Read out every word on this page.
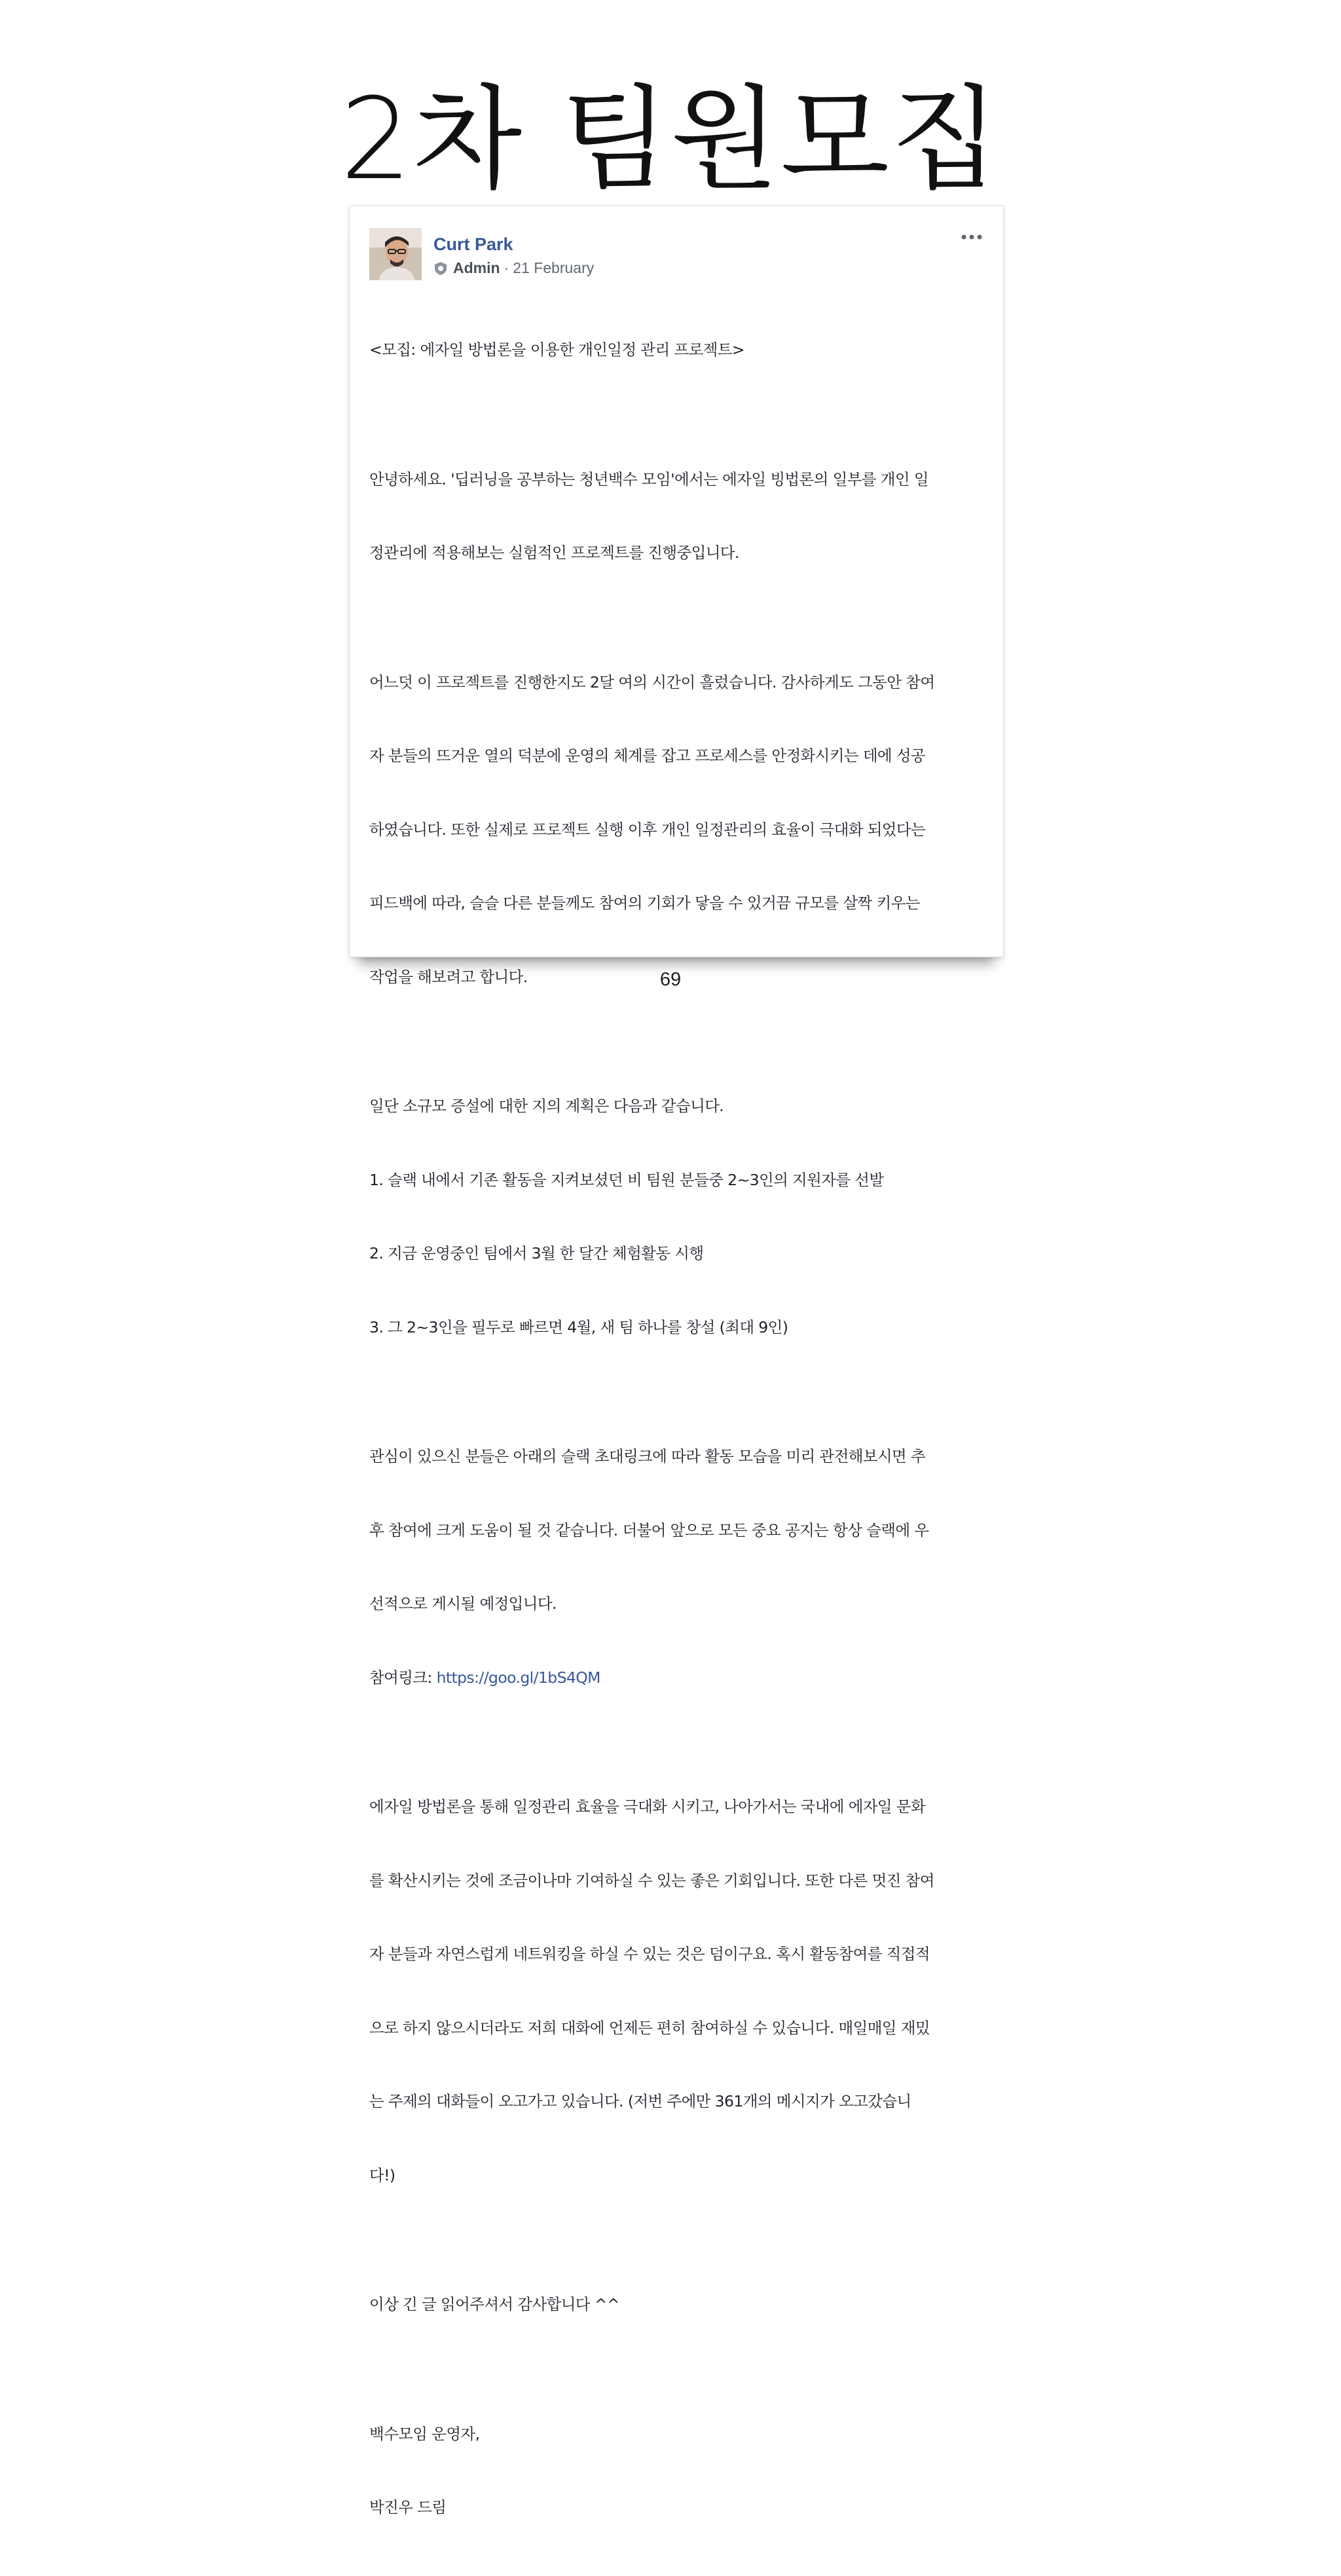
2차 팀원모집
Curt Park
Admin · 21 February

<모집: 에자일 방법론을 이용한 개인일정 관리 프로젝트>

안녕하세요. '딥러닝을 공부하는 청년백수 모임'에서는 에자일 빙법론의 일부를 개인 일

정관리에 적용해보는 실험적인 프로젝트를 진행중입니다.

어느덧 이 프로젝트를 진행한지도 2달 여의 시간이 흘렀습니다. 감사하게도 그동안 참여

자 분들의 뜨거운 열의 덕분에 운영의 체계를 잡고 프로세스를 안정화시키는 데에 성공

하였습니다. 또한 실제로 프로젝트 실행 이후 개인 일정관리의 효율이 극대화 되었다는

피드백에 따라, 슬슬 다른 분들께도 참여의 기회가 닿을 수 있거끔 규모를 살짝 키우는

작업을 해보려고 합니다.

일단 소규모 증설에 대한 지의 계획은 다음과 같습니다.

1. 슬랙 내에서 기존 활동을 지켜보셨던 비 팀원 분들중 2~3인의 지원자를 선발

2. 지금 운영중인 팀에서 3월 한 달간 체험활동 시행

3. 그 2~3인을 필두로 빠르면 4월, 새 팀 하나를 창설 (최대 9인)

관심이 있으신 분들은 아래의 슬랙 초대링크에 따라 활동 모습을 미리 관전해보시면 추

후 참여에 크게 도움이 될 것 같습니다. 더불어 앞으로 모든 중요 공지는 항상 슬랙에 우

선적으로 게시될 예정입니다.

참여링크: https://goo.gl/1bS4QM

에자일 방법론을 통해 일정관리 효율을 극대화 시키고, 나아가서는 국내에 에자일 문화

를 확산시키는 것에 조금이나마 기여하실 수 있는 좋은 기회입니다. 또한 다른 멋진 참여

자 분들과 자연스럽게 네트워킹을 하실 수 있는 것은 덤이구요. 혹시 활동참여를 직접적

으로 하지 않으시더라도 저희 대화에 언제든 편히 참여하실 수 있습니다. 매일매일 재밌

는 주제의 대화들이 오고가고 있습니다. (저번 주에만 361개의 메시지가 오고갔습니

다!)

이상 긴 글 읽어주셔서 감사합니다 ^^

백수모임 운영자,

박진우 드림

69
